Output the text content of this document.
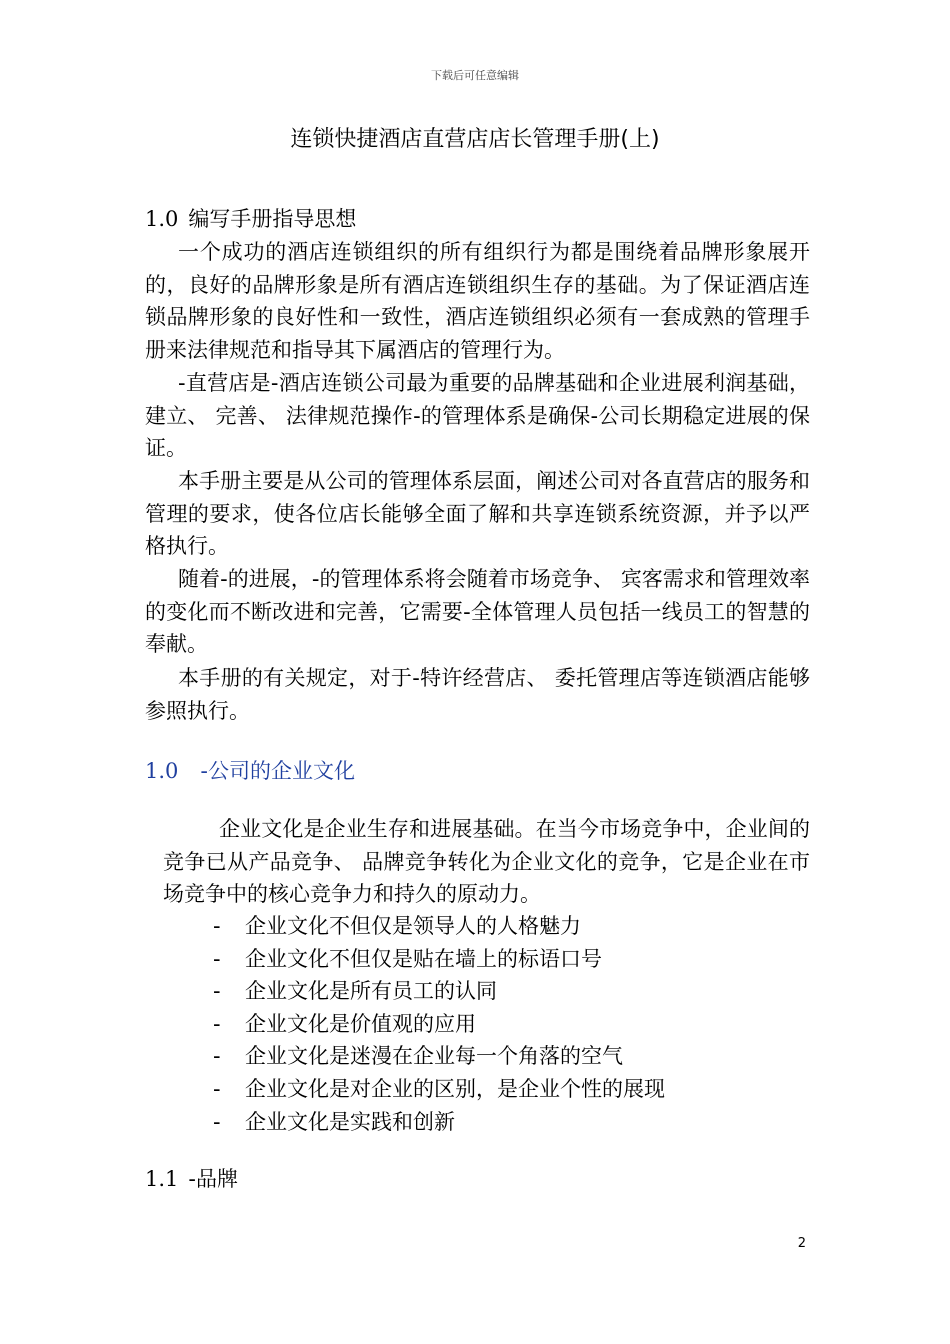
下载后可任意编辑
连锁快捷酒店直营店店长管理手册(上)
1.0 编写手册指导思想
一个成功的酒店连锁组织的所有组织行为都是围绕着品牌形象展开的，良好的品牌形象是所有酒店连锁组织生存的基础。为了保证酒店连锁品牌形象的良好性和一致性，酒店连锁组织必须有一套成熟的管理手册来法律规范和指导其下属酒店的管理行为。
-直营店是-酒店连锁公司最为重要的品牌基础和企业进展利润基础，建立、 完善、 法律规范操作-的管理体系是确保-公司长期稳定进展的保证。
本手册主要是从公司的管理体系层面，阐述公司对各直营店的服务和管理的要求，使各位店长能够全面了解和共享连锁系统资源，并予以严格执行。
随着-的进展，-的管理体系将会随着市场竞争、 宾客需求和管理效率的变化而不断改进和完善，它需要-全体管理人员包括一线员工的智慧的奉献。
本手册的有关规定，对于-特许经营店、 委托管理店等连锁酒店能够参照执行。
1.0 -公司的企业文化
企业文化是企业生存和进展基础。在当今市场竞争中，企业间的竞争已从产品竞争、 品牌竞争转化为企业文化的竞争，它是企业在市场竞争中的核心竞争力和持久的原动力。
- 企业文化不但仅是领导人的人格魅力
- 企业文化不但仅是贴在墙上的标语口号
- 企业文化是所有员工的认同
- 企业文化是价值观的应用
- 企业文化是迷漫在企业每一个角落的空气
- 企业文化是对企业的区别，是企业个性的展现
- 企业文化是实践和创新
1.1 -品牌
2
